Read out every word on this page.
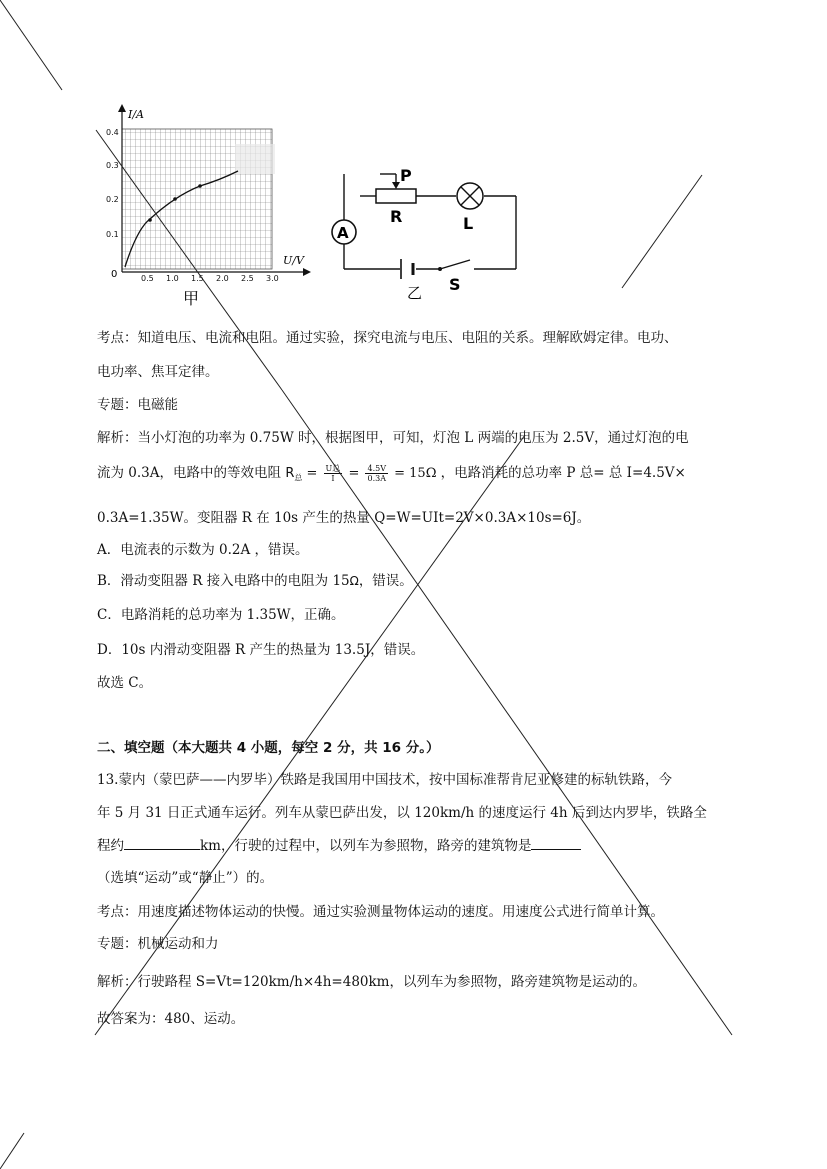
I/A
U/V
0
0.1
0.2
0.3
0.4
0.5 1.0 1.5 2.0 2.5 3.0
甲
A
P
R	L
S
乙
考点：知道电压、电流和电阻。通过实验，探究电流与电压、电阻的关系。理解欧姆定律。电功、
电功率、焦耳定律。
专题：电磁能
解析：当小灯泡的功率为 0.75W 时，根据图甲，可知，灯泡 L 两端的电压为 2.5V，通过灯泡的电
流为 0.3A，电路中的等效电阻 $R_总 = \frac{\text{U总}}{I} = \frac{4.5V}{0.3A} = 15\Omega$ ，电路消耗的总功率 P 总= 总 I=4.5V×
0.3A=1.35W。变阻器 R 在 10s 产生的热量 Q=W=UIt=2V×0.3A×10s=6J。
A．电流表的示数为 0.2A ，错误。
B．滑动变阻器 R 接入电路中的电阻为 15Ω，错误。
C．电路消耗的总功率为 1.35W，正确。
D．10s 内滑动变阻器 R 产生的热量为 13.5J，错误。
故选 C。
二、填空题（本大题共 4 小题，每空 2 分，共 16 分。）
13.蒙内（蒙巴萨——内罗毕）铁路是我国用中国技术，按中国标准帮肯尼亚修建的标轨铁路，今
年 5 月 31 日正式通车运行。列车从蒙巴萨出发，以 120km/h 的速度运行 4h 后到达内罗毕，铁路全
程约	km，行驶的过程中，以列车为参照物，路旁的建筑物是
（选填“运动”或“静止”）的。
考点：用速度描述物体运动的快慢。通过实验测量物体运动的速度。用速度公式进行简单计算。
专题：机械运动和力
解析：行驶路程 S=Vt=120km/h×4h=480km，以列车为参照物，路旁建筑物是运动的。
故答案为：480、运动。
